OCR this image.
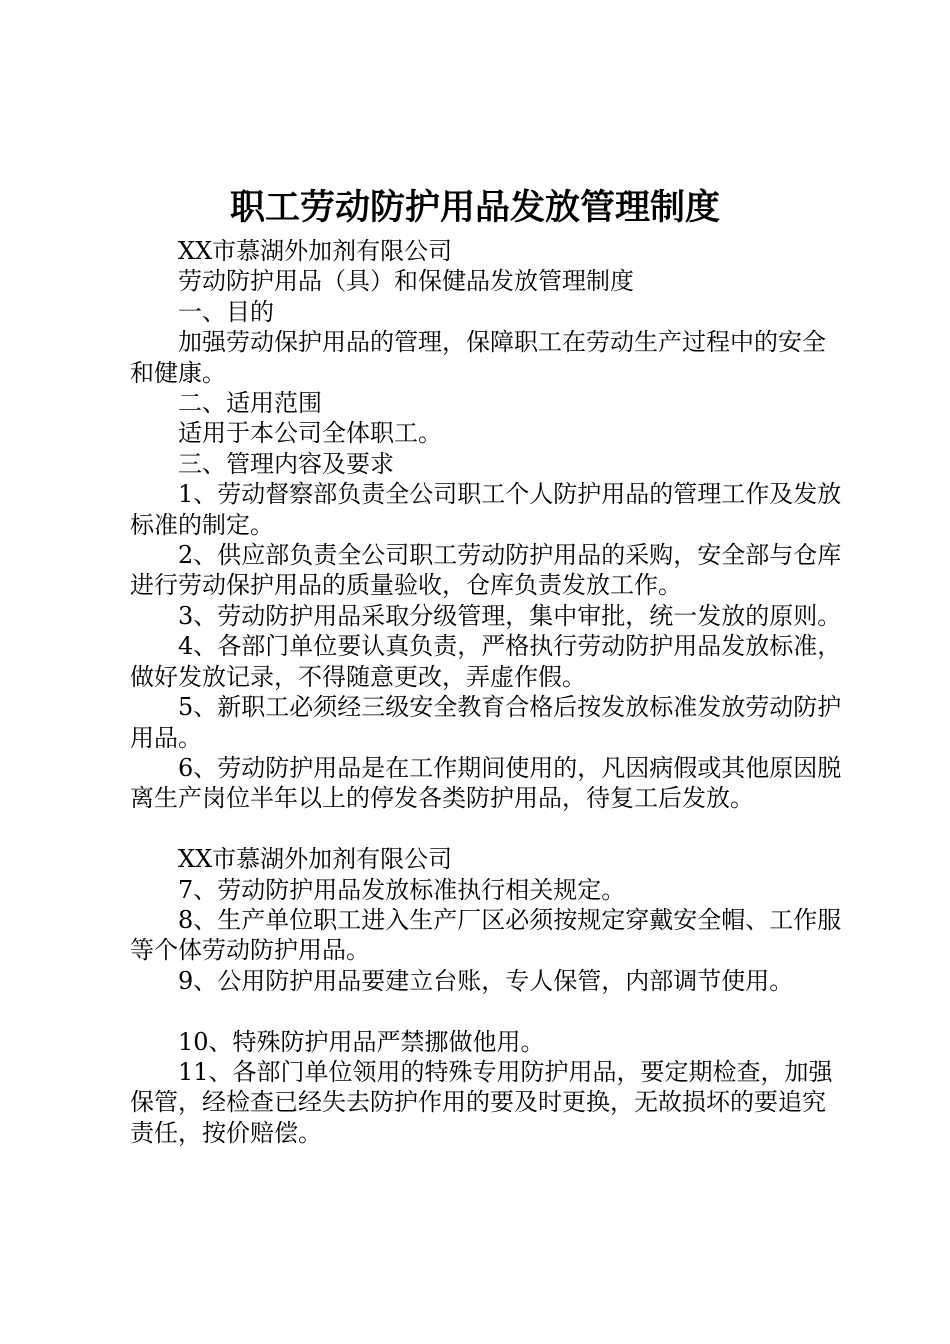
职工劳动防护用品发放管理制度

XX市慕湖外加剂有限公司

劳动防护用品（具）和保健品发放管理制度

一、目的

加强劳动保护用品的管理，保障职工在劳动生产过程中的安全和健康。

二、适用范围

适用于本公司全体职工。

三、管理内容及要求

1、劳动督察部负责全公司职工个人防护用品的管理工作及发放标准的制定。

2、供应部负责全公司职工劳动防护用品的采购，安全部与仓库进行劳动保护用品的质量验收，仓库负责发放工作。

3、劳动防护用品采取分级管理，集中审批，统一发放的原则。

4、各部门单位要认真负责，严格执行劳动防护用品发放标准，做好发放记录，不得随意更改，弄虚作假。

5、新职工必须经三级安全教育合格后按发放标准发放劳动防护用品。

6、劳动防护用品是在工作期间使用的，凡因病假或其他原因脱离生产岗位半年以上的停发各类防护用品，待复工后发放。

XX市慕湖外加剂有限公司

7、劳动防护用品发放标准执行相关规定。

8、生产单位职工进入生产厂区必须按规定穿戴安全帽、工作服等个体劳动防护用品。

9、公用防护用品要建立台账，专人保管，内部调节使用。

10、特殊防护用品严禁挪做他用。

11、各部门单位领用的特殊专用防护用品，要定期检查，加强保管，经检查已经失去防护作用的要及时更换，无故损坏的要追究责任，按价赔偿。
